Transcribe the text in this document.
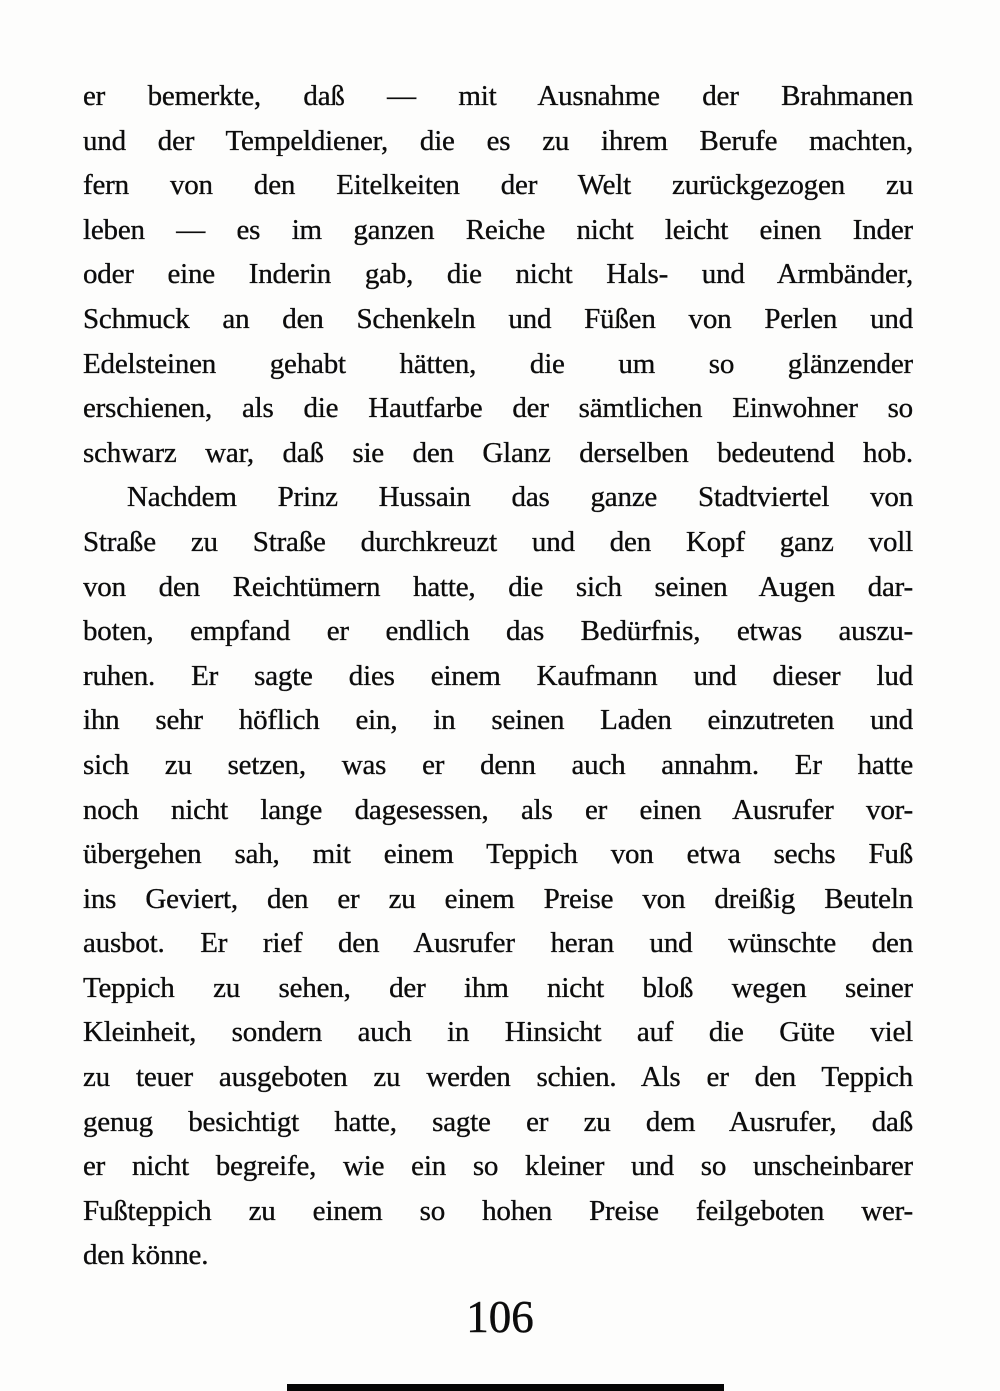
er bemerkte, daß — mit Ausnahme der Brahmanen
und der Tempeldiener, die es zu ihrem Berufe machten,
fern von den Eitelkeiten der Welt zurückgezogen zu
leben — es im ganzen Reiche nicht leicht einen Inder
oder eine Inderin gab, die nicht Hals- und Armbänder,
Schmuck an den Schenkeln und Füßen von Perlen und
Edelsteinen gehabt hätten, die um so glänzender
erschienen, als die Hautfarbe der sämtlichen Einwohner so
schwarz war, daß sie den Glanz derselben bedeutend hob.
Nachdem Prinz Hussain das ganze Stadtviertel von
Straße zu Straße durchkreuzt und den Kopf ganz voll
von den Reichtümern hatte, die sich seinen Augen dar-
boten, empfand er endlich das Bedürfnis, etwas auszu-
ruhen. Er sagte dies einem Kaufmann und dieser lud
ihn sehr höflich ein, in seinen Laden einzutreten und
sich zu setzen, was er denn auch annahm. Er hatte
noch nicht lange dagesessen, als er einen Ausrufer vor-
übergehen sah, mit einem Teppich von etwa sechs Fuß
ins Geviert, den er zu einem Preise von dreißig Beuteln
ausbot. Er rief den Ausrufer heran und wünschte den
Teppich zu sehen, der ihm nicht bloß wegen seiner
Kleinheit, sondern auch in Hinsicht auf die Güte viel
zu teuer ausgeboten zu werden schien. Als er den Teppich
genug besichtigt hatte, sagte er zu dem Ausrufer, daß
er nicht begreife, wie ein so kleiner und so unscheinbarer
Fußteppich zu einem so hohen Preise feilgeboten wer-
den könne.
106
